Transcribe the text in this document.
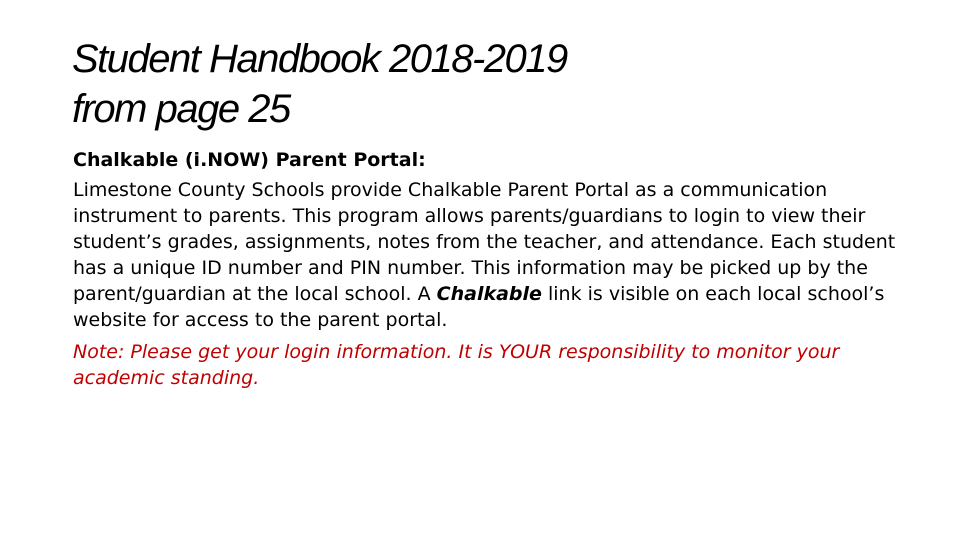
Student Handbook 2018-2019
from page 25

Chalkable (i.NOW) Parent Portal:

Limestone County Schools provide Chalkable Parent Portal as a communication instrument to parents. This program allows parents/guardians to login to view their student’s grades, assignments, notes from the teacher, and attendance. Each student has a unique ID number and PIN number. This information may be picked up by the parent/guardian at the local school. A Chalkable link is visible on each local school’s website for access to the parent portal.

Note: Please get your login information. It is YOUR responsibility to monitor your academic standing.
